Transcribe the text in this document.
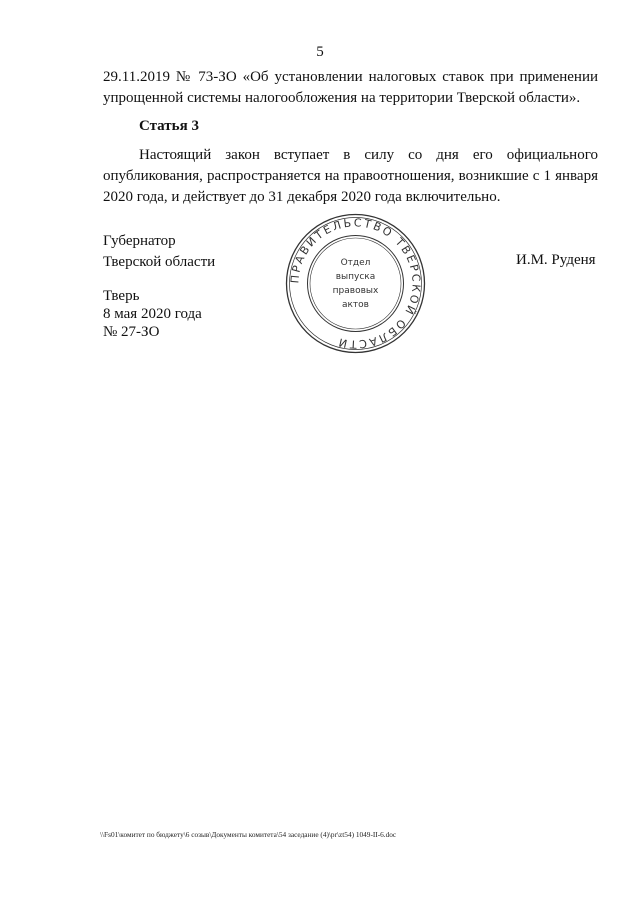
5
29.11.2019 № 73-ЗО «Об установлении налоговых ставок при применении
упрощенной системы налогообложения на территории Тверской области».
Статья 3
Настоящий закон вступает в силу со дня его официального
опубликования, распространяется на правоотношения, возникшие с 1 января
2020 года, и действует до 31 декабря 2020 года включительно.
Губернатор
Тверской области	И.М. Руденя
ПРАВИТЕЛЬСТВО ТВЕРСКОЙ ОБЛАСТИ
Отдел
выпуска
правовых
актов
Тверь
8 мая 2020 года
№ 27-ЗО
\\Fs01\комитет по бюджету\6 созыв\Документы комитета\54 заседание (4)\pr\zt54) 1049-II-6.doc
